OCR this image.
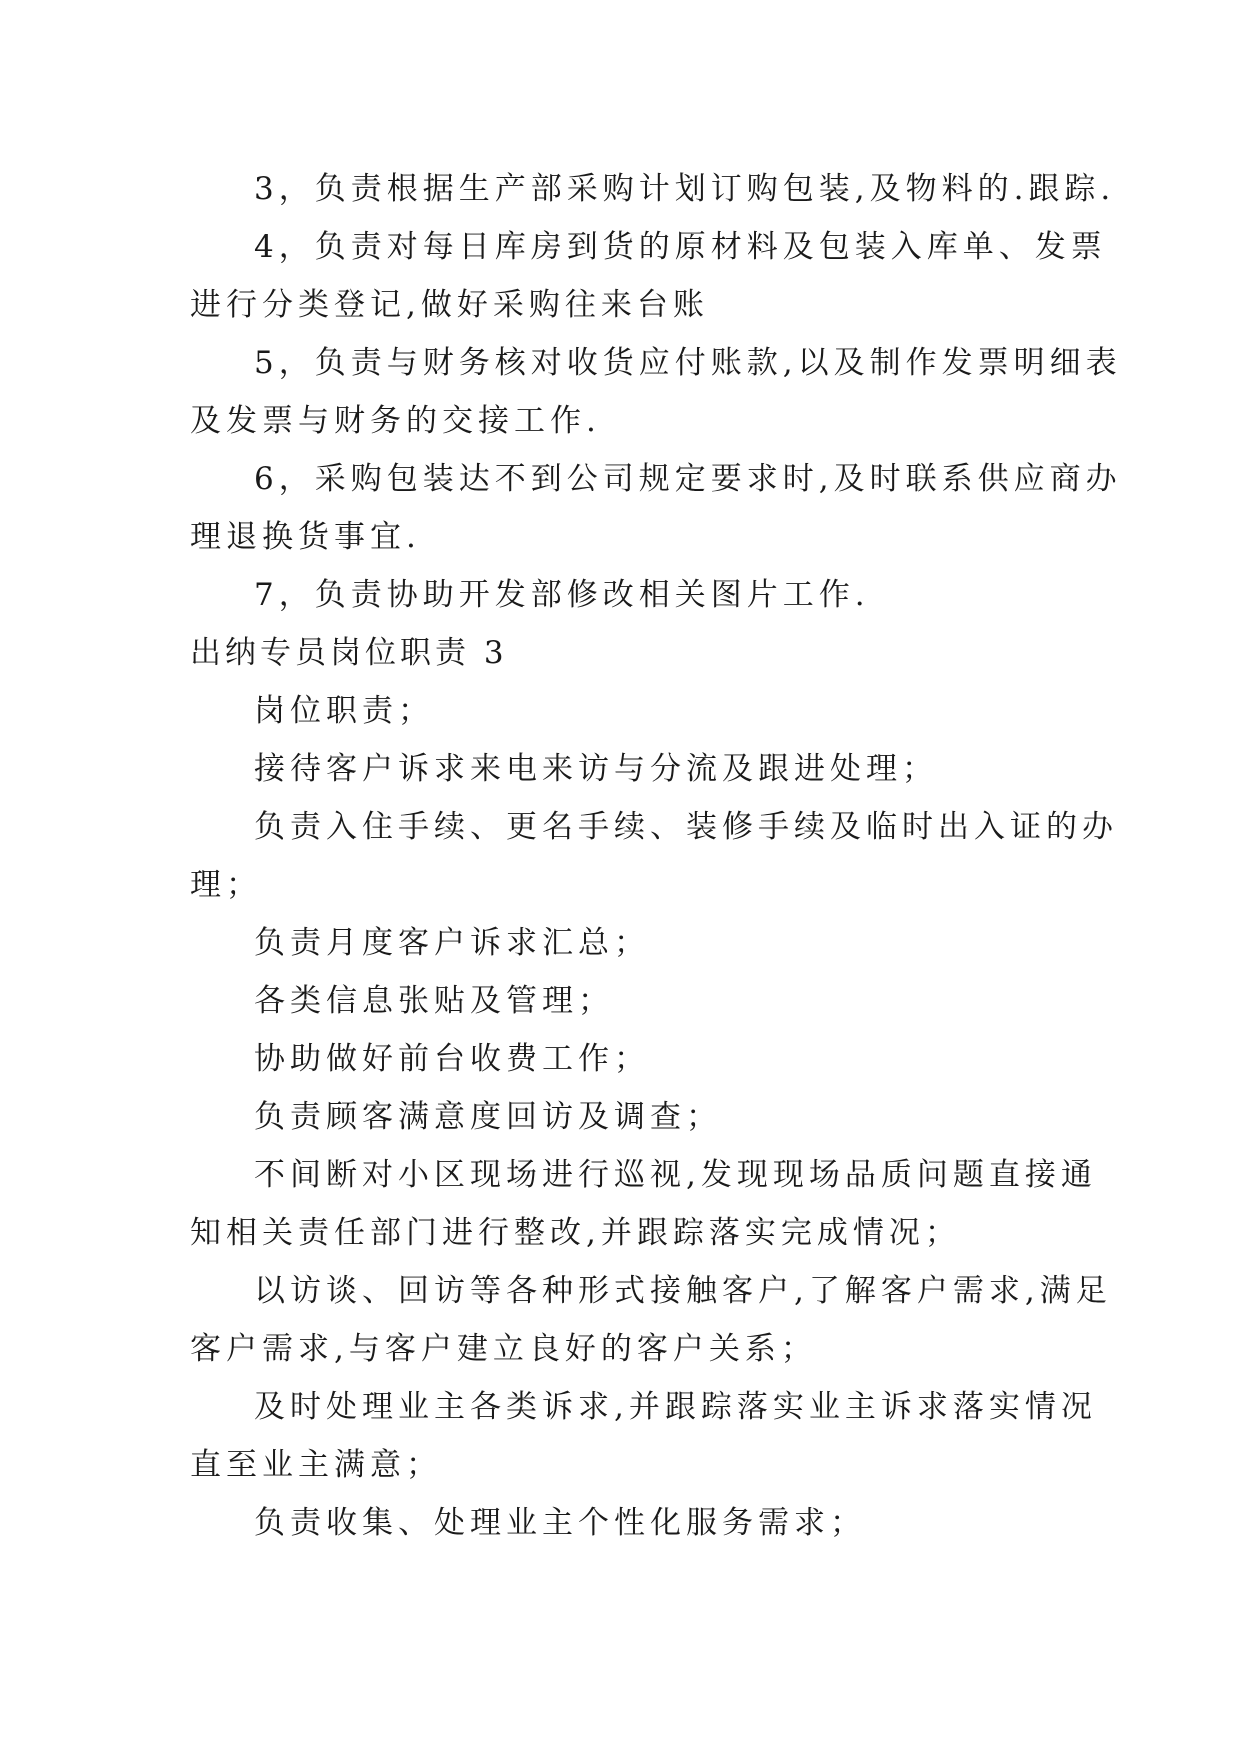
3，负责根据生产部采购计划订购包装,及物料的.跟踪.
4，负责对每日库房到货的原材料及包装入库单、发票
进行分类登记,做好采购往来台账
5，负责与财务核对收货应付账款,以及制作发票明细表
及发票与财务的交接工作.
6，采购包装达不到公司规定要求时,及时联系供应商办
理退换货事宜.
7，负责协助开发部修改相关图片工作.
出纳专员岗位职责 3
岗位职责；
接待客户诉求来电来访与分流及跟进处理；
负责入住手续、更名手续、装修手续及临时出入证的办
理；
负责月度客户诉求汇总；
各类信息张贴及管理；
协助做好前台收费工作；
负责顾客满意度回访及调查；
不间断对小区现场进行巡视,发现现场品质问题直接通
知相关责任部门进行整改,并跟踪落实完成情况；
以访谈、回访等各种形式接触客户,了解客户需求,满足
客户需求,与客户建立良好的客户关系；
及时处理业主各类诉求,并跟踪落实业主诉求落实情况
直至业主满意；
负责收集、处理业主个性化服务需求；
